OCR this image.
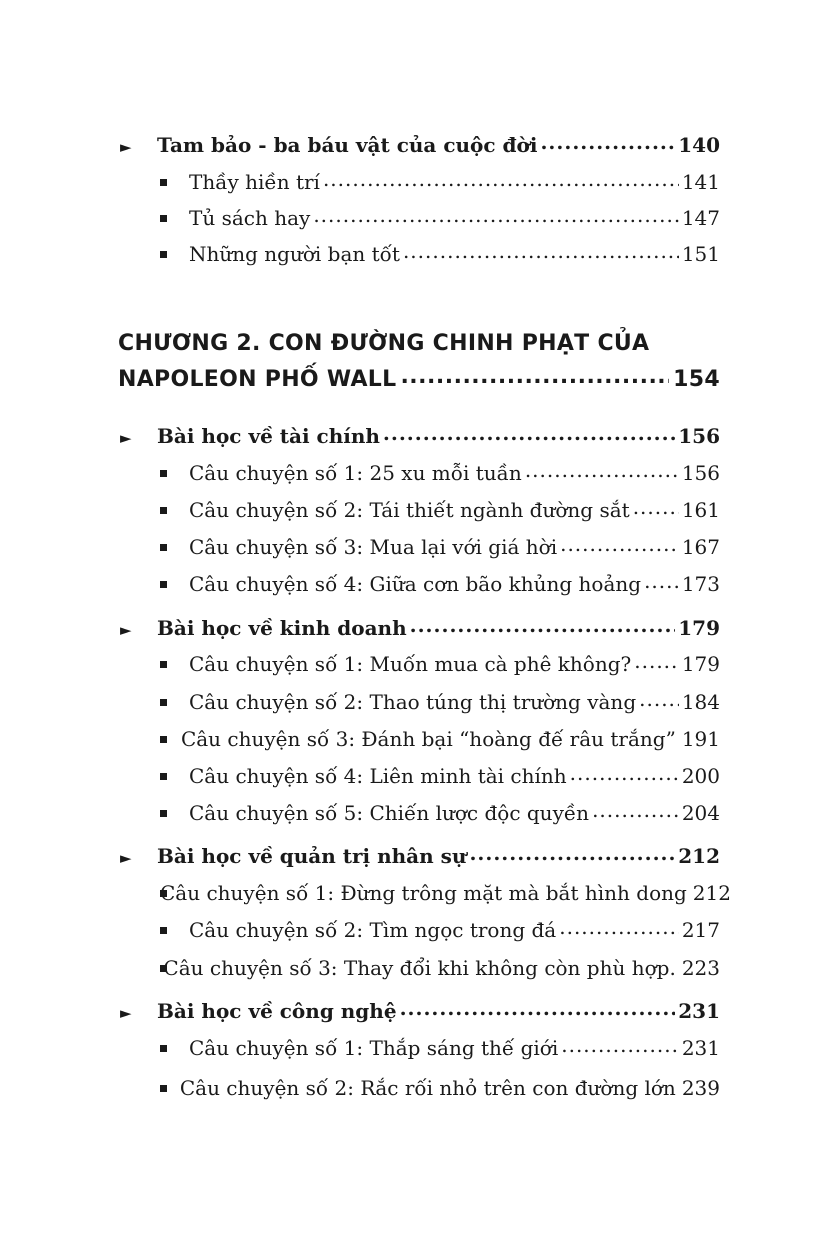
►	Tam bảo - ba báu vật của cuộc đời .....	140
Thầy hiền trí .....	141
Tủ sách hay .....	147
Những người bạn tốt .....	151
CHƯƠNG 2. CON ĐƯỜNG CHINH PHẠT CỦA
NAPOLEON PHỐ WALL .....	154
►	Bài học về tài chính .....	156
Câu chuyện số 1: 25 xu mỗi tuần .....	156
Câu chuyện số 2: Tái thiết ngành đường sắt .....	161
Câu chuyện số 3: Mua lại với giá hời .....	167
Câu chuyện số 4: Giữa cơn bão khủng hoảng ..... 173
►	Bài học về kinh doanh .....	179
Câu chuyện số 1: Muốn mua cà phê không? .....	179
Câu chuyện số 2: Thao túng thị trường vàng ..... 184
Câu chuyện số 3: Đánh bại “hoàng đế râu trắng” 191
Câu chuyện số 4: Liên minh tài chính .....	200
Câu chuyện số 5: Chiến lược độc quyền .....	204
►	Bài học về quản trị nhân sự .....	212
Câu chuyện số 1: Đừng trông mặt mà bắt hình dong 212
Câu chuyện số 2: Tìm ngọc trong đá .....	217
Câu chuyện số 3: Thay đổi khi không còn phù hợp. 223
►	Bài học về công nghệ .....	231
Câu chuyện số 1: Thắp sáng thế giới .....	231
Câu chuyện số 2: Rắc rối nhỏ trên con đường lớn 239
